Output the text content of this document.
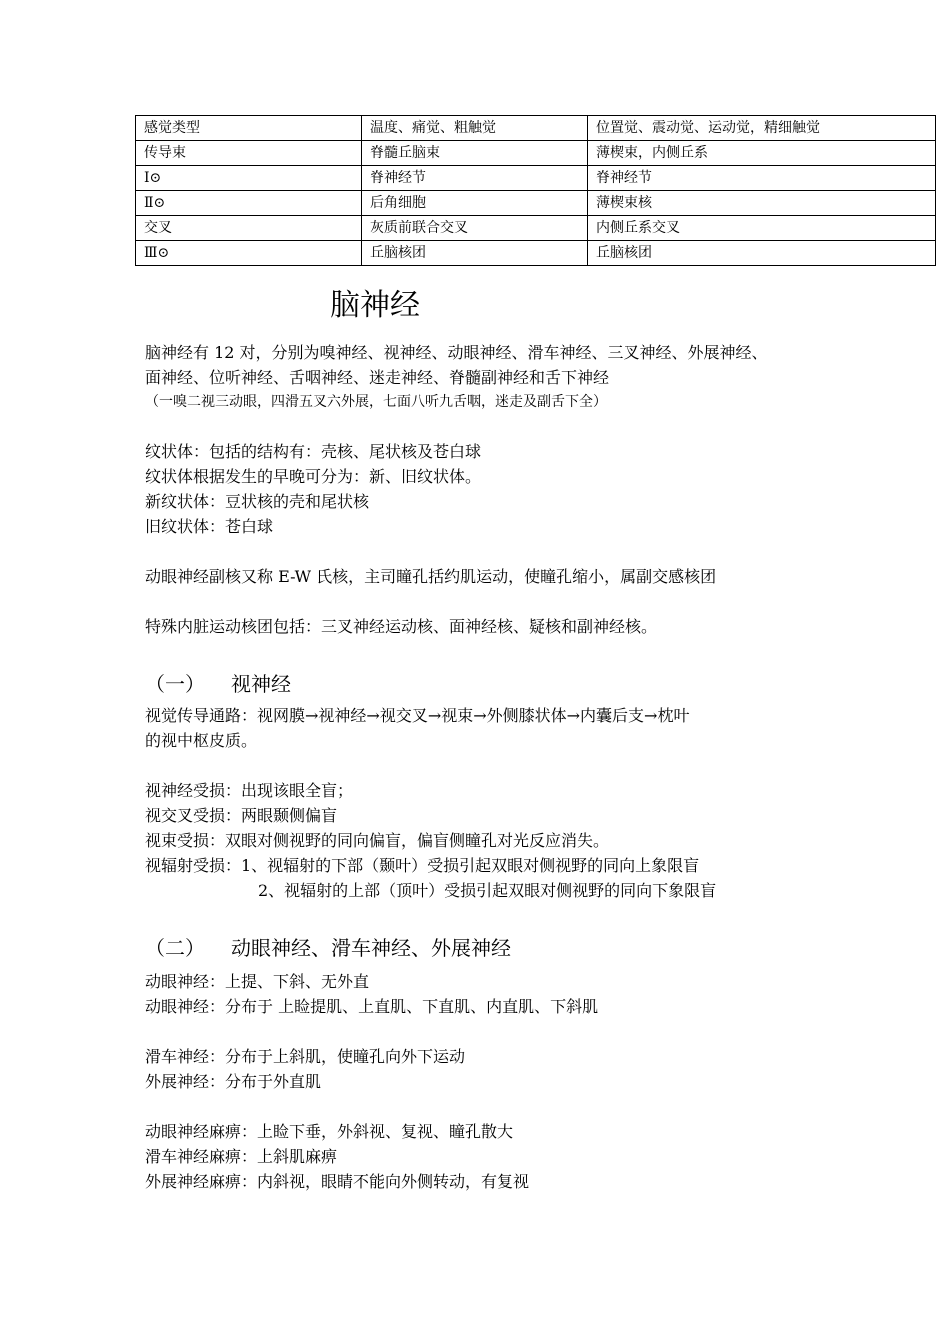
感觉类型	温度、痛觉、粗触觉	位置觉、震动觉、运动觉，精细触觉
传导束	脊髓丘脑束	薄楔束，内侧丘系
Ⅰ⊙	脊神经节	脊神经节
Ⅱ⊙	后角细胞	薄楔束核
交叉	灰质前联合交叉	内侧丘系交叉
Ⅲ⊙	丘脑核团	丘脑核团
脑神经

脑神经有 12 对，分别为嗅神经、视神经、动眼神经、滑车神经、三叉神经、外展神经、

面神经、位听神经、舌咽神经、迷走神经、脊髓副神经和舌下神经

（一嗅二视三动眼，四滑五叉六外展，七面八听九舌咽，迷走及副舌下全）

纹状体：包括的结构有：壳核、尾状核及苍白球

纹状体根据发生的早晚可分为：新、旧纹状体。

新纹状体：豆状核的壳和尾状核

旧纹状体：苍白球

动眼神经副核又称 E-W 氏核，主司瞳孔括约肌运动，使瞳孔缩小，属副交感核团

特殊内脏运动核团包括：三叉神经运动核、面神经核、疑核和副神经核。

（一） 视神经

视觉传导通路：视网膜→视神经→视交叉→视束→外侧膝状体→内囊后支→枕叶

的视中枢皮质。

视神经受损：出现该眼全盲；

视交叉受损：两眼颞侧偏盲

视束受损：双眼对侧视野的同向偏盲，偏盲侧瞳孔对光反应消失。

视辐射受损：1、视辐射的下部（颞叶）受损引起双眼对侧视野的同向上象限盲

2、视辐射的上部（顶叶）受损引起双眼对侧视野的同向下象限盲

（二） 动眼神经、滑车神经、外展神经

动眼神经：上提、下斜、无外直

动眼神经：分布于 上睑提肌、上直肌、下直肌、内直肌、下斜肌

滑车神经：分布于上斜肌，使瞳孔向外下运动

外展神经：分布于外直肌

动眼神经麻痹：上睑下垂，外斜视、复视、瞳孔散大

滑车神经麻痹：上斜肌麻痹

外展神经麻痹：内斜视，眼睛不能向外侧转动，有复视
